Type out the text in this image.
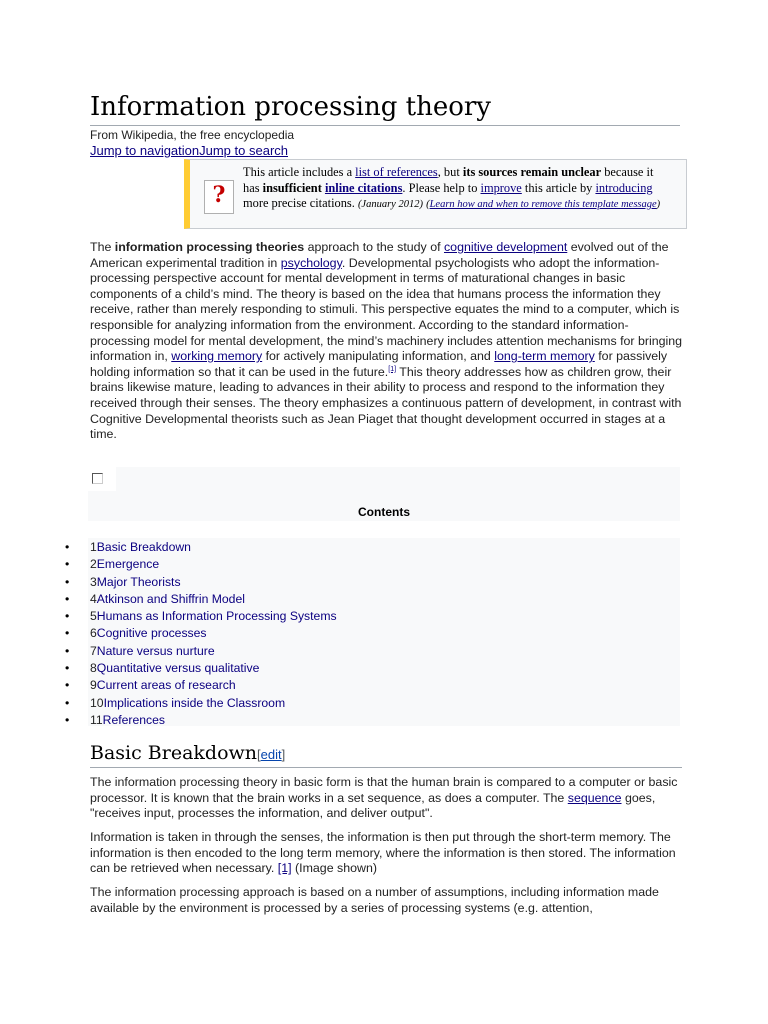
Information processing theory
From Wikipedia, the free encyclopedia
Jump to navigationJump to search
?
This article includes a list of references, but its sources remain unclear because it has insufficient inline citations. Please help to improve this article by introducing more precise citations. (January 2012) (Learn how and when to remove this template message)

The information processing theories approach to the study of cognitive development evolved out of the American experimental tradition in psychology. Developmental psychologists who adopt the information-processing perspective account for mental development in terms of maturational changes in basic components of a child’s mind. The theory is based on the idea that humans process the information they receive, rather than merely responding to stimuli. This perspective equates the mind to a computer, which is responsible for analyzing information from the environment. According to the standard information-processing model for mental development, the mind’s machinery includes attention mechanisms for bringing information in, working memory for actively manipulating information, and long-term memory for passively holding information so that it can be used in the future.[1] This theory addresses how as children grow, their brains likewise mature, leading to advances in their ability to process and respond to the information they received through their senses. The theory emphasizes a continuous pattern of development, in contrast with Cognitive Developmental theorists such as Jean Piaget that thought development occurred in stages at a time.

Contents
• 1Basic Breakdown
• 2Emergence
• 3Major Theorists
• 4Atkinson and Shiffrin Model
• 5Humans as Information Processing Systems
• 6Cognitive processes
• 7Nature versus nurture
• 8Quantitative versus qualitative
• 9Current areas of research
• 10Implications inside the Classroom
• 11References
Basic Breakdown[edit]

The information processing theory in basic form is that the human brain is compared to a computer or basic processor. It is known that the brain works in a set sequence, as does a computer. The sequence goes, "receives input, processes the information, and deliver output".

Information is taken in through the senses, the information is then put through the short-term memory. The information is then encoded to the long term memory, where the information is then stored. The information can be retrieved when necessary. [1] (Image shown)

The information processing approach is based on a number of assumptions, including information made available by the environment is processed by a series of processing systems (e.g. attention,
